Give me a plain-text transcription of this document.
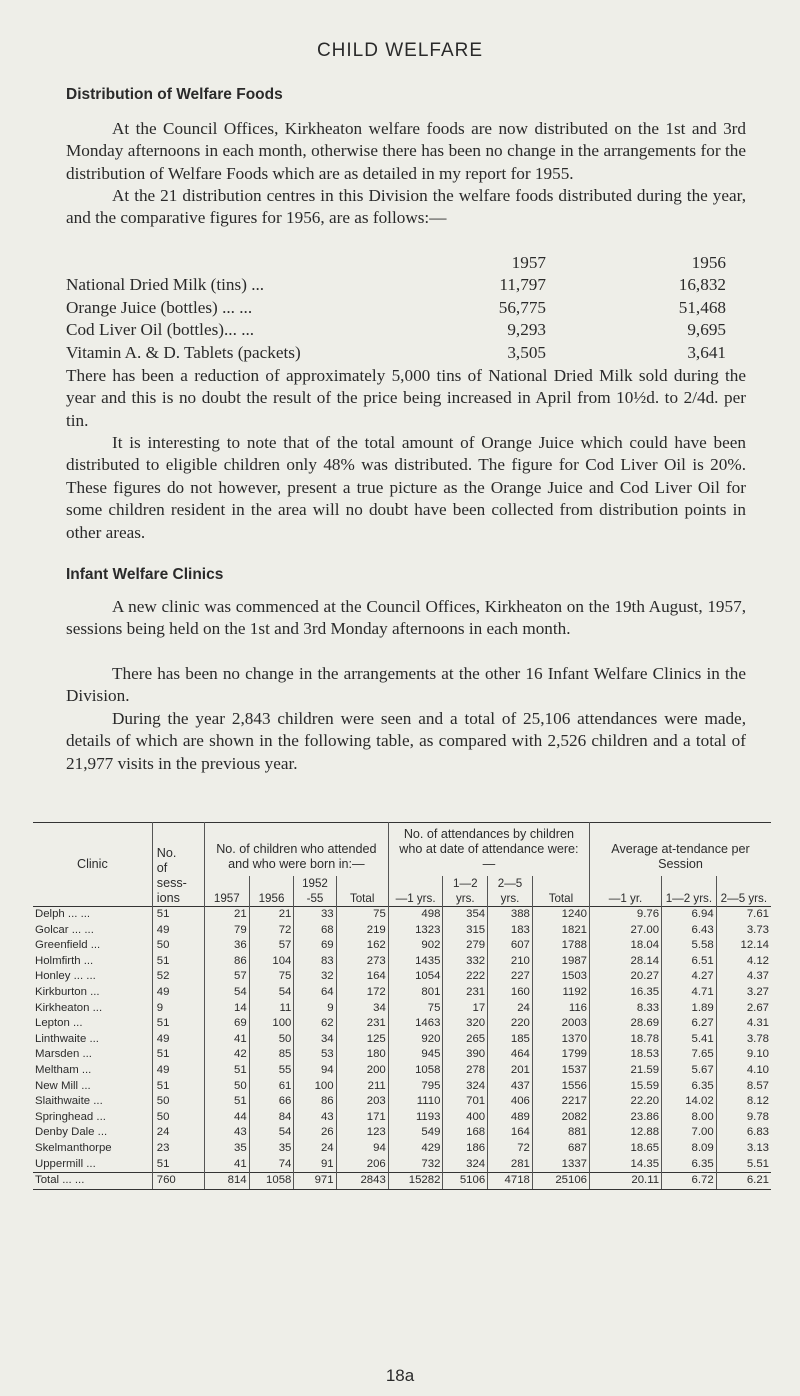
CHILD WELFARE
Distribution of Welfare Foods

At the Council Offices, Kirkheaton welfare foods are now distributed on the 1st and 3rd Monday afternoons in each month, otherwise there has been no change in the arrangements for the distribution of Welfare Foods which are as detailed in my report for 1955.

At the 21 distribution centres in this Division the welfare foods distributed during the year, and the comparative figures for 1956, are as follows:—

1957	1956
National Dried Milk (tins) ...	11,797	16,832
Orange Juice (bottles) ... ...	56,775	51,468
Cod Liver Oil (bottles)... ...	9,293	9,695
Vitamin A. & D. Tablets (packets)	3,505	3,641

There has been a reduction of approximately 5,000 tins of National Dried Milk sold during the year and this is no doubt the result of the price being increased in April from 10½d. to 2/4d. per tin.

It is interesting to note that of the total amount of Orange Juice which could have been distributed to eligible children only 48% was distributed. The figure for Cod Liver Oil is 20%. These figures do not however, present a true picture as the Orange Juice and Cod Liver Oil for some children resident in the area will no doubt have been collected from distribution points in other areas.

Infant Welfare Clinics

A new clinic was commenced at the Council Offices, Kirkheaton on the 19th August, 1957, sessions being held on the 1st and 3rd Monday afternoons in each month.

There has been no change in the arrangements at the other 16 Infant Welfare Clinics in the Division.

During the year 2,843 children were seen and a total of 25,106 attendances were made, details of which are shown in the following table, as compared with 2,526 children and a total of 21,977 visits in the previous year.

Clinic	No.
of	No. of children who attended and who were born in:—				No. of attendances by children who at date of attendance were:—				Average at-tendance per Session		

	sess-
ions	1957	1956	1952 -55	Total	—1 yrs.	1—2 yrs.	2—5 yrs.	Total	—1 yr.	1—2 yrs.	2—5 yrs.
Delph ... ...	51	21	21	33	75	498	354	388	1240	9.76	6.94	7.61
Golcar ... ...	49	79	72	68	219	1323	315	183	1821	27.00	6.43	3.73
Greenfield ...	50	36	57	69	162	902	279	607	1788	18.04	5.58	12.14
Holmfirth ...	51	86	104	83	273	1435	332	210	1987	28.14	6.51	4.12
Honley ... ...	52	57	75	32	164	1054	222	227	1503	20.27	4.27	4.37
Kirkburton ...	49	54	54	64	172	801	231	160	1192	16.35	4.71	3.27
Kirkheaton ...	9	14	11	9	34	75	17	24	116	8.33	1.89	2.67
Lepton ...	51	69	100	62	231	1463	320	220	2003	28.69	6.27	4.31
Linthwaite ...	49	41	50	34	125	920	265	185	1370	18.78	5.41	3.78
Marsden ...	51	42	85	53	180	945	390	464	1799	18.53	7.65	9.10
Meltham ...	49	51	55	94	200	1058	278	201	1537	21.59	5.67	4.10
New Mill ...	51	50	61	100	211	795	324	437	1556	15.59	6.35	8.57
Slaithwaite ...	50	51	66	86	203	1110	701	406	2217	22.20	14.02	8.12
Springhead ...	50	44	84	43	171	1193	400	489	2082	23.86	8.00	9.78
Denby Dale ...	24	43	54	26	123	549	168	164	881	12.88	7.00	6.83
Skelmanthorpe	23	35	35	24	94	429	186	72	687	18.65	8.09	3.13
Uppermill ...	51	41	74	91	206	732	324	281	1337	14.35	6.35	5.51
Total ... ...	760	814	1058	971	2843	15282	5106	4718	25106	20.11	6.72	6.21
18a
